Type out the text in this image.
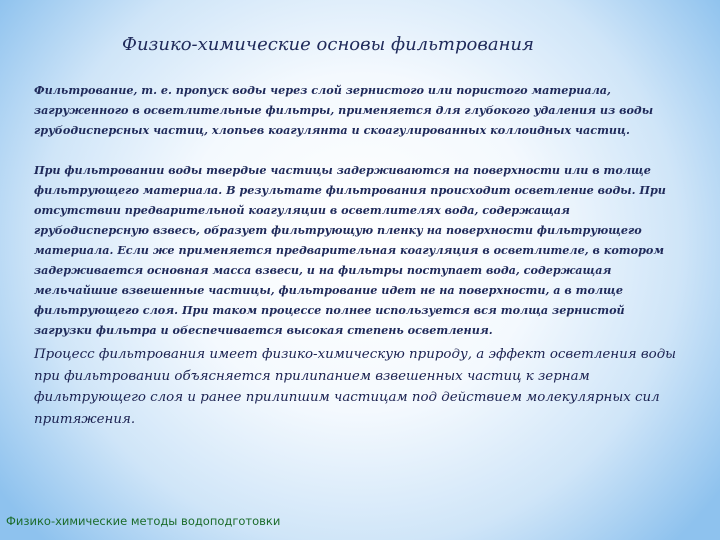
Физико-химические основы фильтрования
Фильтрование, т. е. пропуск воды через слой зернистого или пористого материала, загруженного в осветлительные фильтры, применяется для глубокого удаления из воды грубодисперсных частиц, хлопьев коагулянта и скоагулированных коллоидных частиц.
При фильтровании воды твердые частицы задерживаются на поверхности или в толще фильтрующего материала. В результате фильтрования происходит осветление воды. При отсутствии предварительной коагуляции в осветлителях вода, содержащая грубодисперсную взвесь, образует фильтрующую пленку на поверхности фильтрующего материала. Если же применяется предварительная коагуляция в осветлителе, в котором задерживается основная масса взвеси, и на фильтры поступает вода, содержащая мельчайшие взвешенные частицы, фильтрование идет не на поверхности, а в толще фильтрующего слоя. При таком процессе полнее используется вся толща зернистой загрузки фильтра и обеспечивается высокая степень осветления.
Процесс фильтрования имеет физико-химическую природу, а эффект осветления воды при фильтровании объясняется прилипанием взвешенных частиц к зернам фильтрующего слоя и ранее прилипшим частицам под действием молекулярных сил притяжения.
Физико-химические методы водоподготовки
